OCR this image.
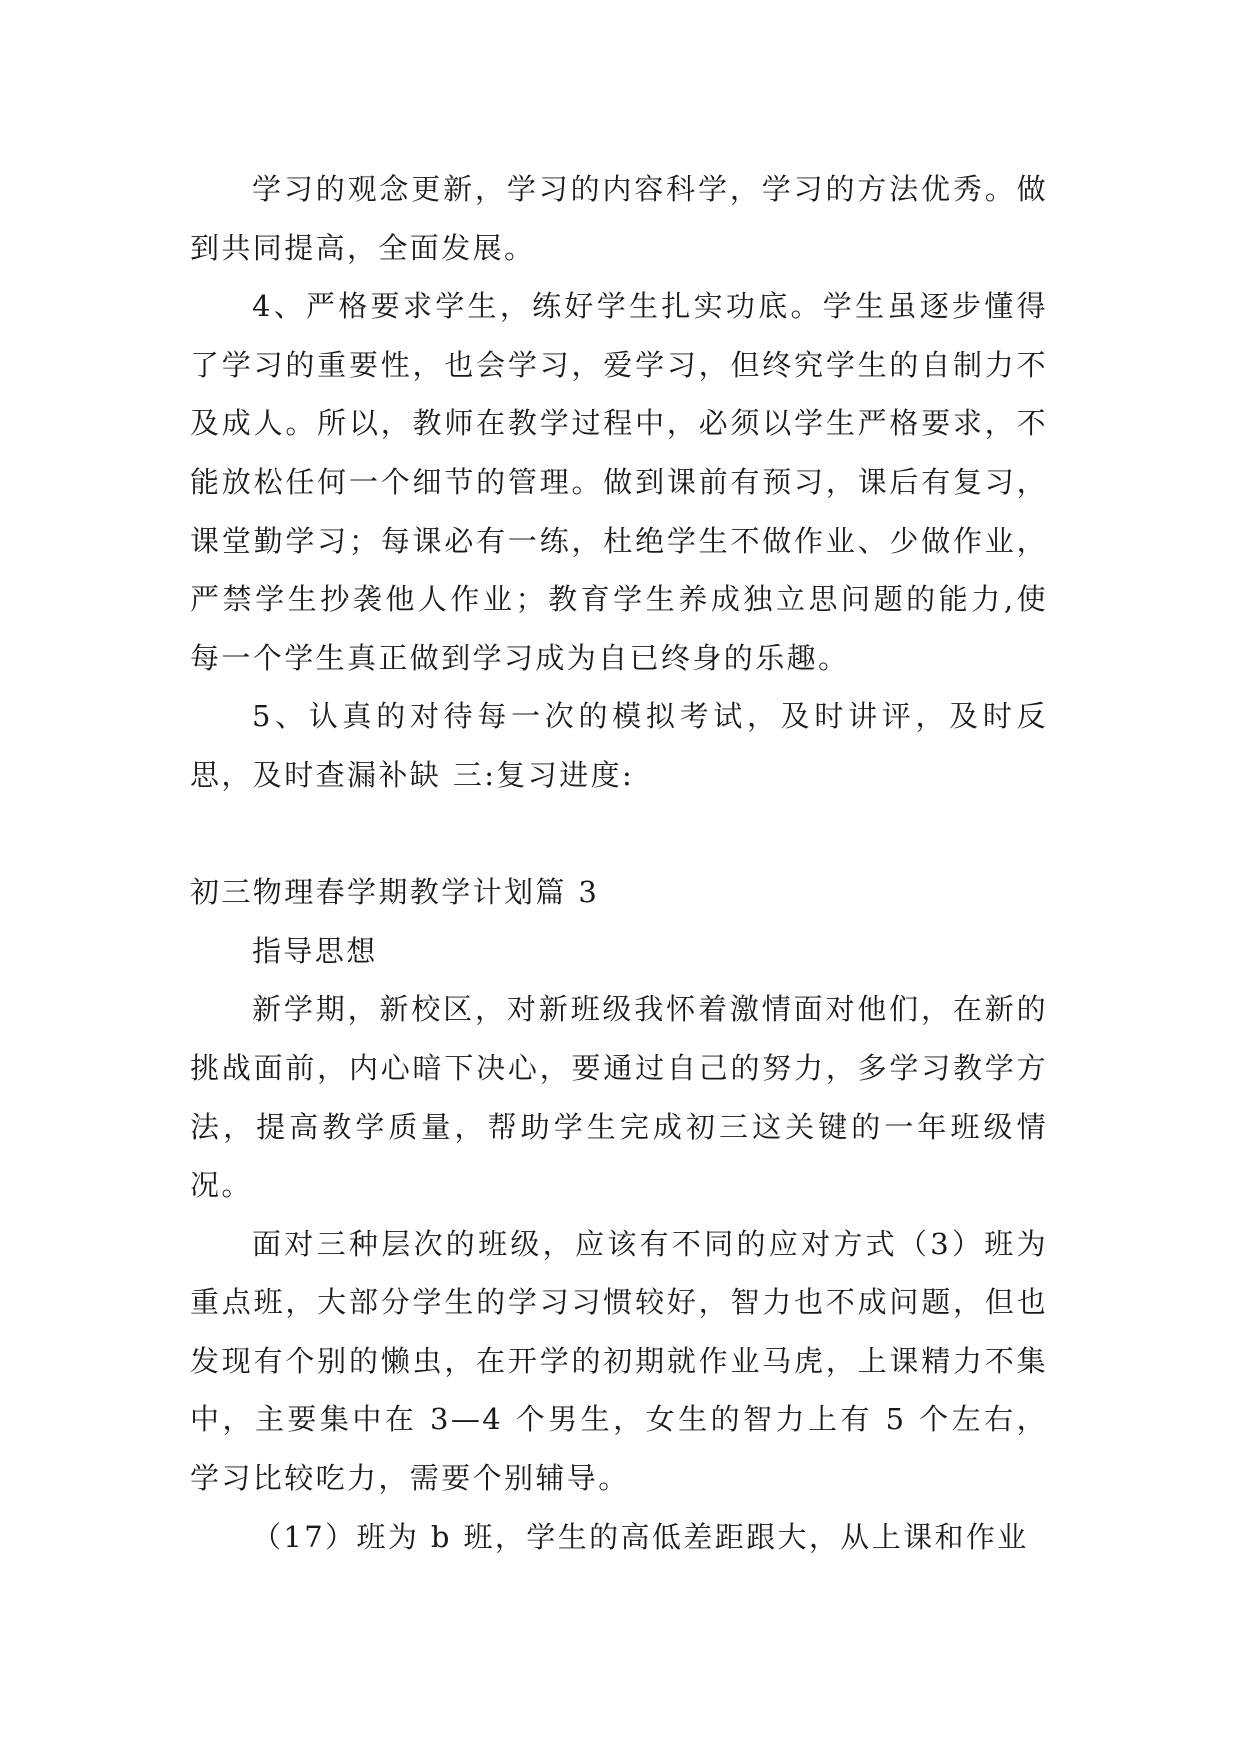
学习的观念更新，学习的内容科学，学习的方法优秀。做到共同提高，全面发展。

4、严格要求学生，练好学生扎实功底。学生虽逐步懂得了学习的重要性，也会学习，爱学习，但终究学生的自制力不及成人。所以，教师在教学过程中，必须以学生严格要求，不能放松任何一个细节的管理。做到课前有预习，课后有复习，课堂勤学习；每课必有一练，杜绝学生不做作业、少做作业，严禁学生抄袭他人作业；教育学生养成独立思问题的能力,使每一个学生真正做到学习成为自已终身的乐趣。

5、认真的对待每一次的模拟考试，及时讲评，及时反思，及时查漏补缺 三:复习进度:

初三物理春学期教学计划篇 3

指导思想

新学期，新校区，对新班级我怀着激情面对他们，在新的挑战面前，内心暗下决心，要通过自己的努力，多学习教学方法，提高教学质量，帮助学生完成初三这关键的一年班级情况。

面对三种层次的班级，应该有不同的应对方式（3）班为重点班，大部分学生的学习习惯较好，智力也不成问题，但也发现有个别的懒虫，在开学的初期就作业马虎，上课精力不集中，主要集中在 3—4 个男生，女生的智力上有 5 个左右，学习比较吃力，需要个别辅导。

（17）班为 b 班，学生的高低差距跟大，从上课和作业
